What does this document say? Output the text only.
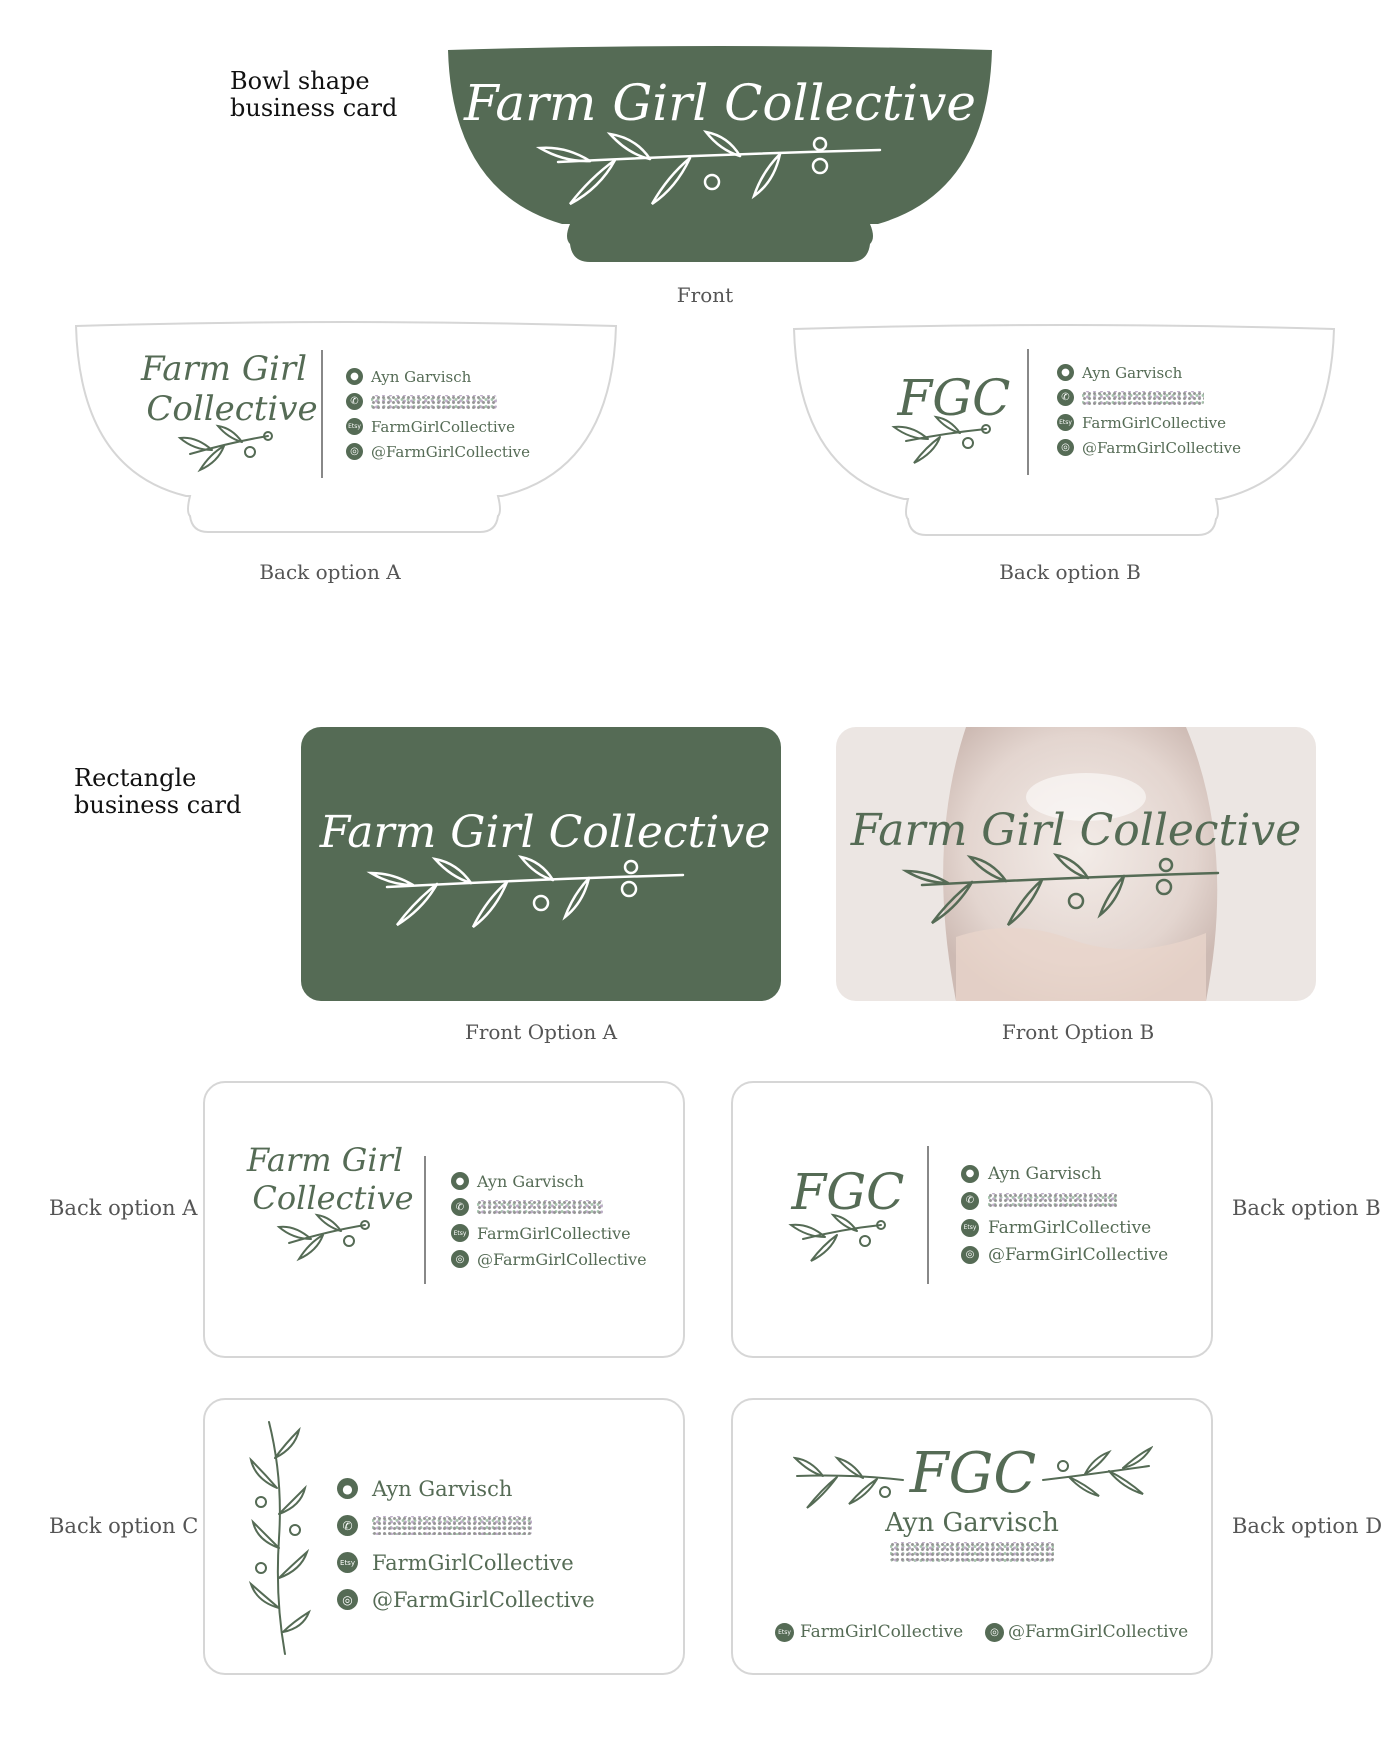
Bowl shape
business card Farm Girl Collective
Front
Farm Girl
Collective
● Ayn Garvisch
✆
Etsy FarmGirlCollective
◎ @FarmGirlCollective
Back option A
FGC	● Ayn Garvisch
✆
Etsy FarmGirlCollective
◎ @FarmGirlCollective
Back option B
Rectangle
business card
Farm Girl Collective
Front Option A
Farm Girl Collective
Front Option B
Back option A
Farm Girl
Collective	● Ayn Garvisch
✆
Etsy FarmGirlCollective
◎ @FarmGirlCollective
FGC	● Ayn Garvisch
✆
Etsy FarmGirlCollective
◎ @FarmGirlCollective
Back option B
Back option C
● Ayn Garvisch
✆
Etsy FarmGirlCollective
◎ @FarmGirlCollective
FGC
Ayn Garvisch
Etsy FarmGirlCollective	◎ @FarmGirlCollective
Back option D
